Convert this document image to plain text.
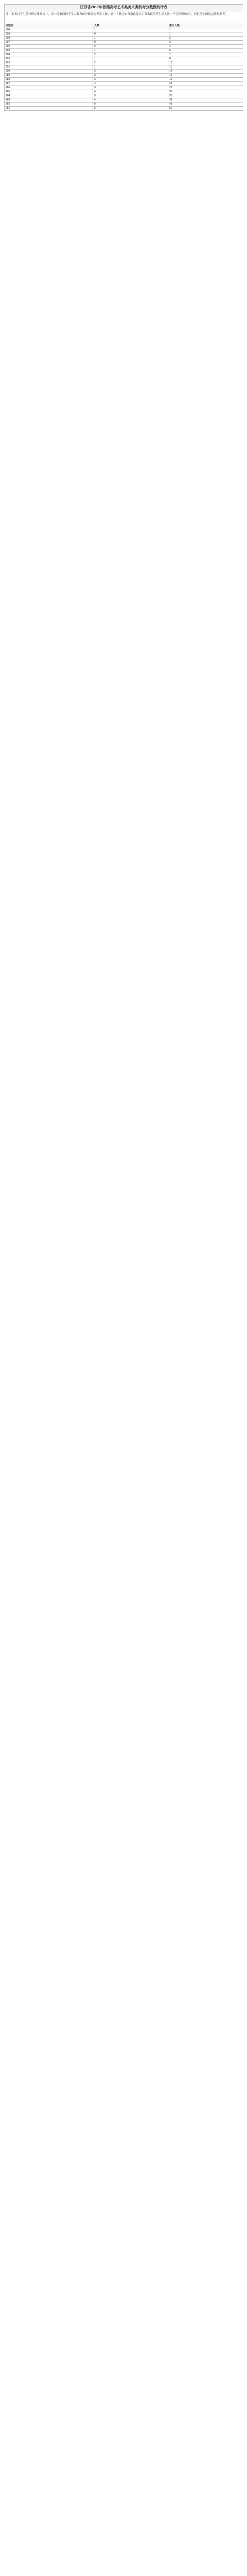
江苏省2017年普通高考艺术类美术类统考分数段统计表		
注：本表以考生总分降序排列统计，同一分数段的考生人数为该分数段的考生人数；累计人数为本分数段及以上分数段的考生总人数（不含照顾加分），仅供考生填报志愿时参考。		
分数段	人数	累计人数
300	1	1
299	0	1
298	1	2
297	0	2
296	2	4
295	1	5
294	2	7
293	1	8
292	2	10
291	1	11
290	3	14
289	2	16
288	3	19
287	4	23
286	3	26
285	4	30
284	5	35
283	4	39
282	6	45
281	5	50
